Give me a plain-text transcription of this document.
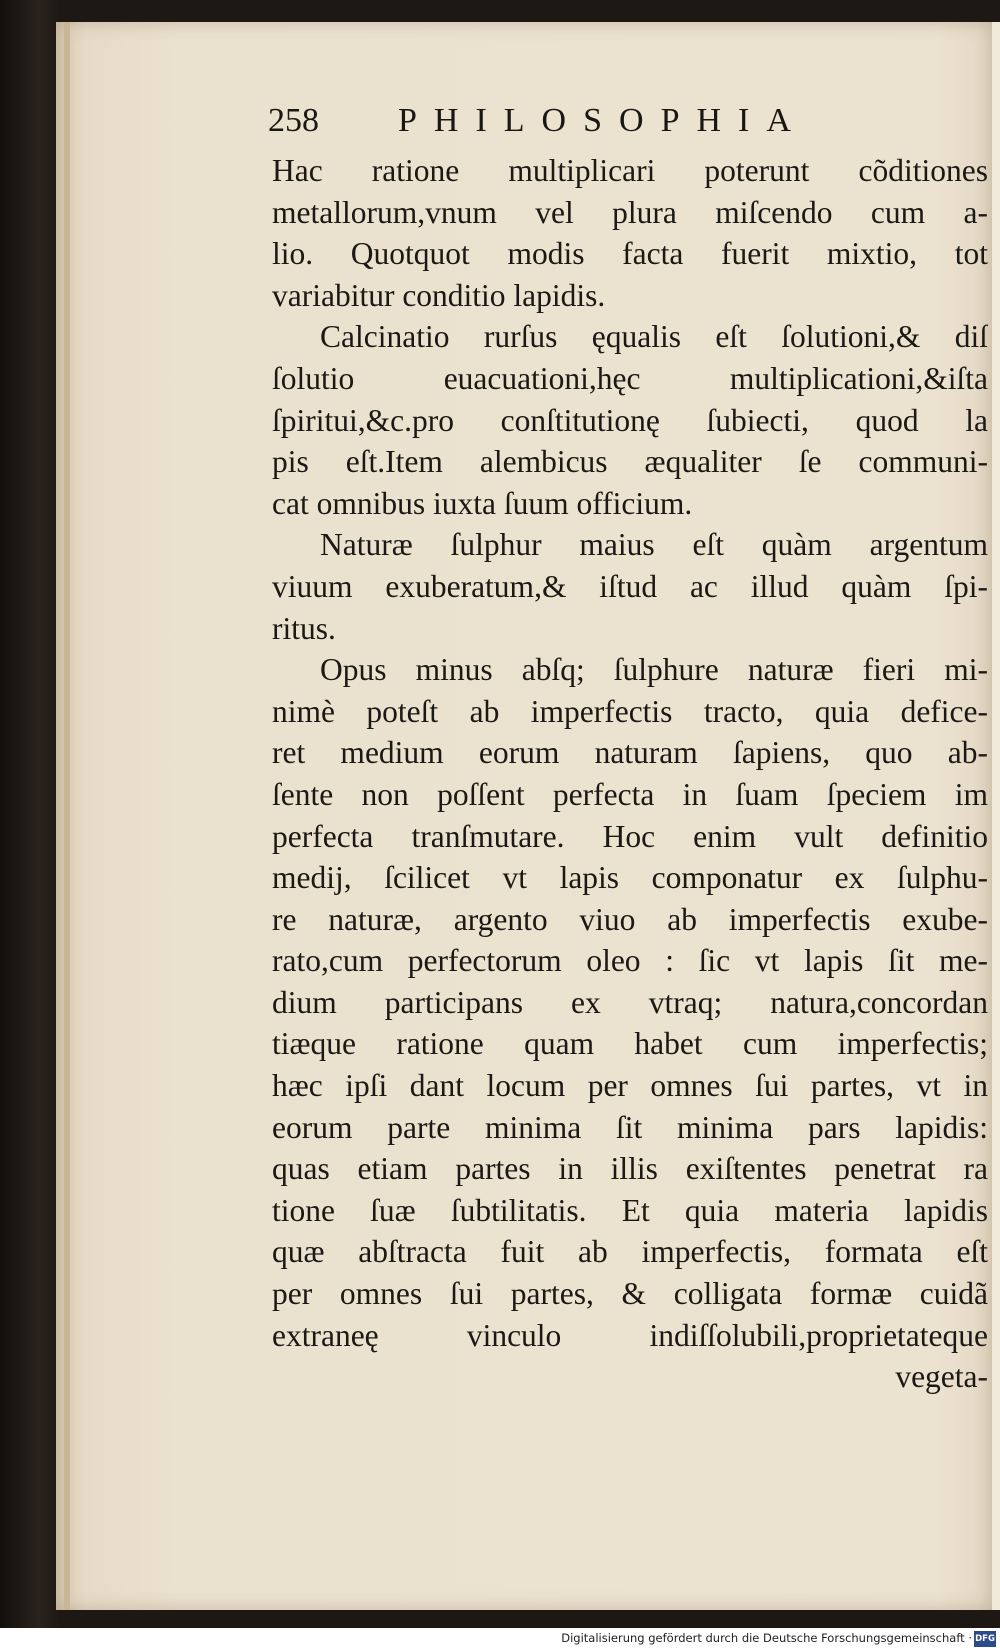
258 PHILOSOPHIA
Hac ratione multiplicari poterunt cõditiones
metallorum,vnum vel plura miſcendo cum a-
lio. Quotquot modis facta fuerit mixtio, tot
variabitur conditio lapidis.
Calcinatio rurſus ęqualis eſt ſolutioni,& diſ
ſolutio euacuationi,hęc multiplicationi,&iſta
ſpiritui,&c.pro conſtitutionę ſubiecti, quod la
pis eſt.Item alembicus æqualiter ſe communi-
cat omnibus iuxta ſuum officium.
Naturæ ſulphur maius eſt quàm argentum
viuum exuberatum,& iſtud ac illud quàm ſpi-
ritus.
Opus minus abſq; ſulphure naturæ fieri mi-
nimè poteſt ab imperfectis tracto, quia defice-
ret medium eorum naturam ſapiens, quo ab-
ſente non poſſent perfecta in ſuam ſpeciem im
perfecta tranſmutare. Hoc enim vult definitio
medij, ſcilicet vt lapis componatur ex ſulphu-
re naturæ, argento viuo ab imperfectis exube-
rato,cum perfectorum oleo : ſic vt lapis ſit me-
dium participans ex vtraq; natura,concordan
tiæque ratione quam habet cum imperfectis;
hæc ipſi dant locum per omnes ſui partes, vt in
eorum parte minima ſit minima pars lapidis:
quas etiam partes in illis exiſtentes penetrat ra
tione ſuæ ſubtilitatis. Et quia materia lapidis
quæ abſtracta fuit ab imperfectis, formata eſt
per omnes ſui partes, & colligata formæ cuidã
extraneę vinculo indiſſolubili,proprietateque
vegeta-
Digitalisierung gefördert durch die Deutsche Forschungsgemeinschaft · DFG
